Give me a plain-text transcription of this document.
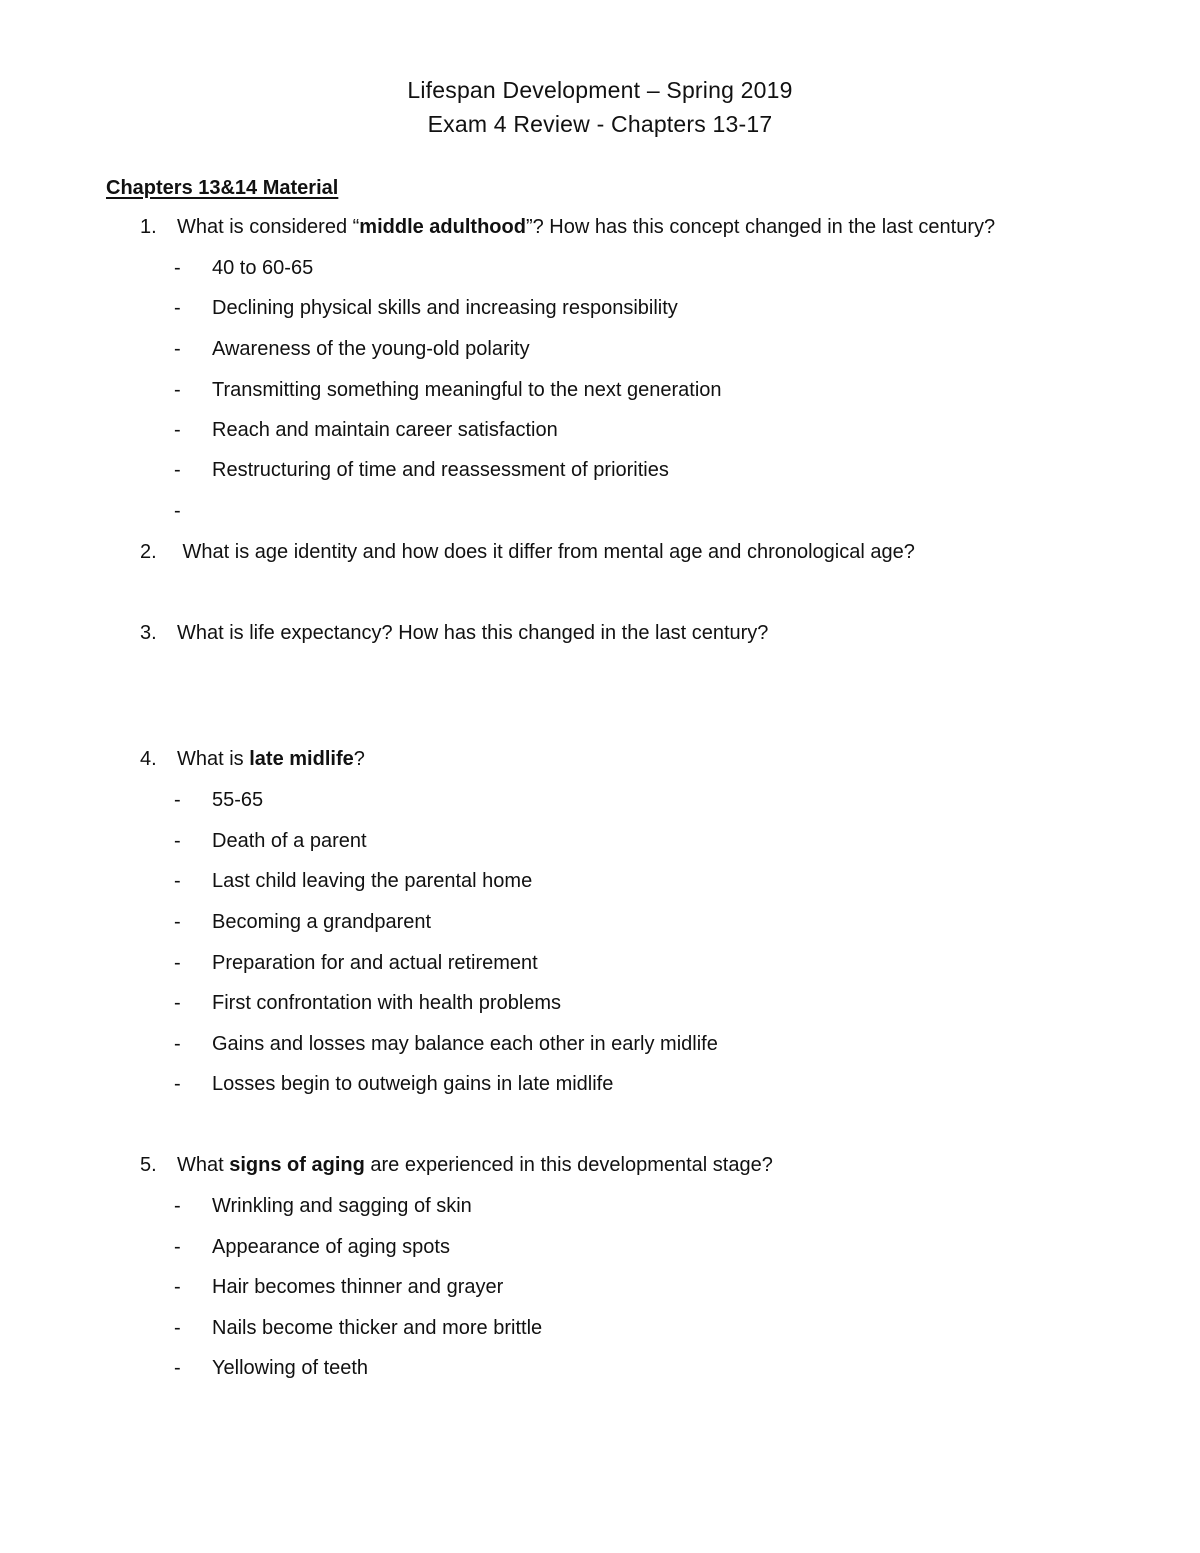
Lifespan Development – Spring 2019
Exam 4 Review - Chapters 13-17
Chapters 13&14 Material
1. What is considered “middle adulthood”? How has this concept changed in the last century?
- 40 to 60-65
- Declining physical skills and increasing responsibility
- Awareness of the young-old polarity
- Transmitting something meaningful to the next generation
- Reach and maintain career satisfaction
- Restructuring of time and reassessment of priorities
-
2. What is age identity and how does it differ from mental age and chronological age?
3. What is life expectancy? How has this changed in the last century?
4. What is late midlife?
- 55-65
- Death of a parent
- Last child leaving the parental home
- Becoming a grandparent
- Preparation for and actual retirement
- First confrontation with health problems
- Gains and losses may balance each other in early midlife
- Losses begin to outweigh gains in late midlife
5. What signs of aging are experienced in this developmental stage?
- Wrinkling and sagging of skin
- Appearance of aging spots
- Hair becomes thinner and grayer
- Nails become thicker and more brittle
- Yellowing of teeth
